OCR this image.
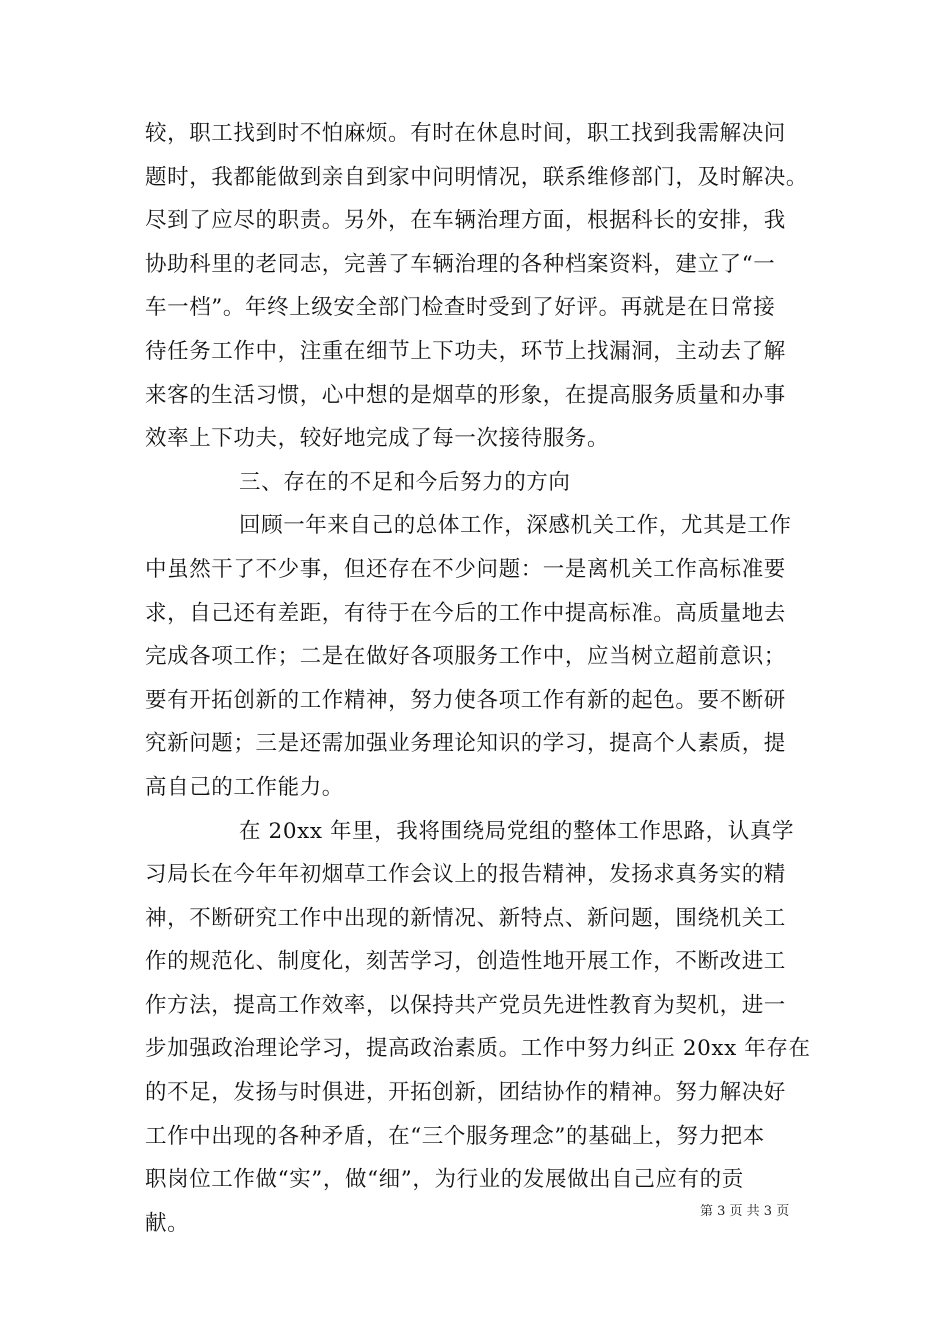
较，职工找到时不怕麻烦。有时在休息时间，职工找到我需解决问
题时，我都能做到亲自到家中问明情况，联系维修部门，及时解决。
尽到了应尽的职责。另外，在车辆治理方面，根据科长的安排，我
协助科里的老同志，完善了车辆治理的各种档案资料，建立了“一
车一档”。年终上级安全部门检查时受到了好评。再就是在日常接
待任务工作中，注重在细节上下功夫，环节上找漏洞，主动去了解
来客的生活习惯，心中想的是烟草的形象，在提高服务质量和办事
效率上下功夫，较好地完成了每一次接待服务。
三、存在的不足和今后努力的方向
回顾一年来自己的总体工作，深感机关工作，尤其是工作
中虽然干了不少事，但还存在不少问题：一是离机关工作高标准要
求，自己还有差距，有待于在今后的工作中提高标准。高质量地去
完成各项工作；二是在做好各项服务工作中，应当树立超前意识；
要有开拓创新的工作精神，努力使各项工作有新的起色。要不断研
究新问题；三是还需加强业务理论知识的学习，提高个人素质，提
高自己的工作能力。
在 20xx 年里，我将围绕局党组的整体工作思路，认真学
习局长在今年年初烟草工作会议上的报告精神，发扬求真务实的精
神，不断研究工作中出现的新情况、新特点、新问题，围绕机关工
作的规范化、制度化，刻苦学习，创造性地开展工作，不断改进工
作方法，提高工作效率，以保持共产党员先进性教育为契机，进一
步加强政治理论学习，提高政治素质。工作中努力纠正 20xx 年存在
的不足，发扬与时俱进，开拓创新，团结协作的精神。努力解决好
工作中出现的各种矛盾，在“三个服务理念”的基础上，努力把本
职岗位工作做“实”，做“细”，为行业的发展做出自己应有的贡
献。	第 3 页 共 3 页
